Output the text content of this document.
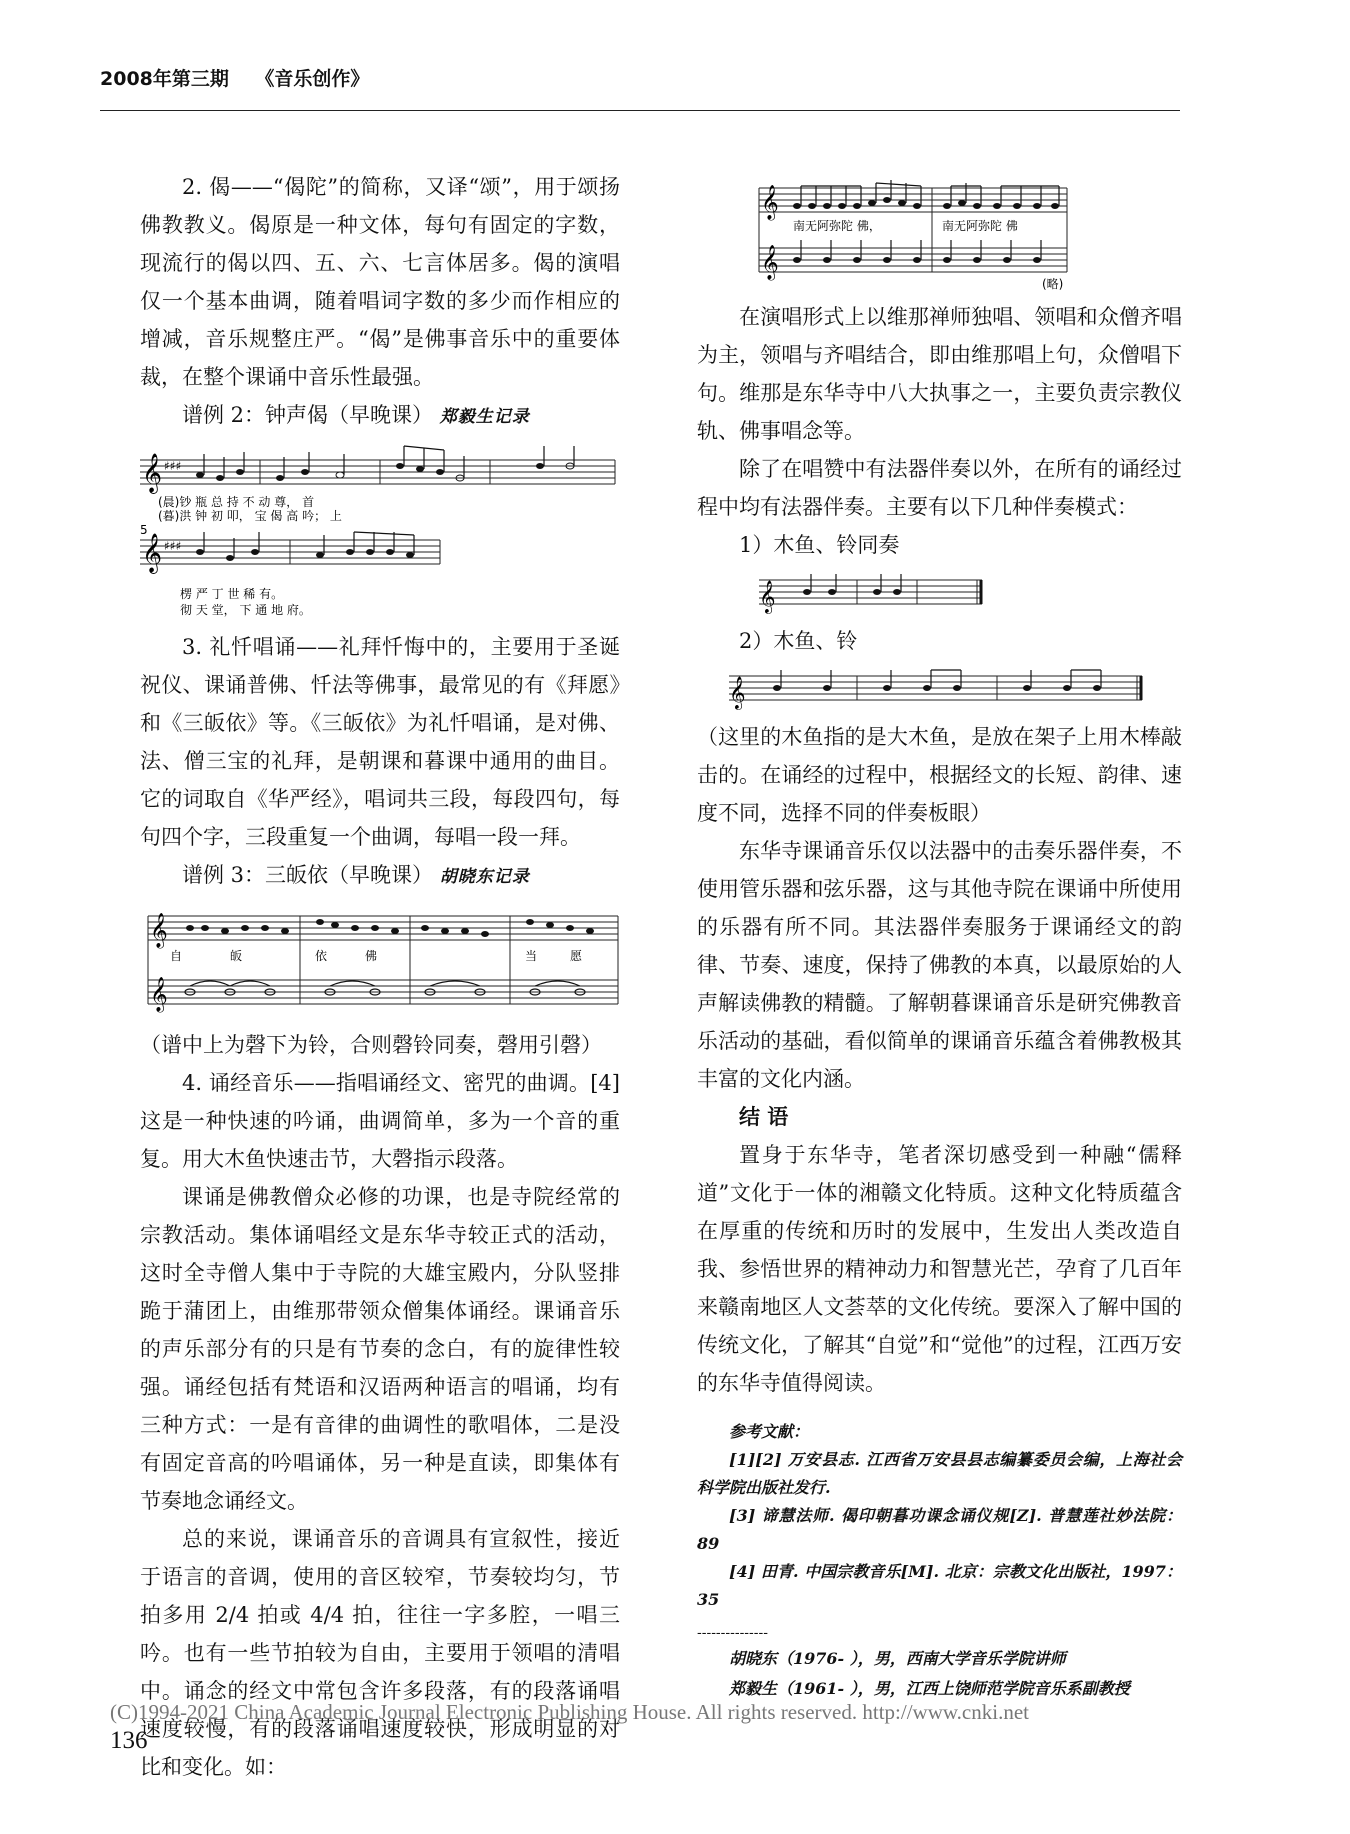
2008年第三期 《音乐创作》

2. 偈——“偈陀”的简称，又译“颂”，用于颂扬佛教教义。偈原是一种文体，每句有固定的字数，现流行的偈以四、五、六、七言体居多。偈的演唱仅一个基本曲调，随着唱词字数的多少而作相应的增减，音乐规整庄严。“偈”是佛事音乐中的重要体裁，在整个课诵中音乐性最强。

谱例 2：钟声偈（早晚课） 郑毅生记录

𝄞
𝄞
♯♯♯
♯♯♯
(晨)钞 瓶 总 持 不 动 尊， 首
(暮)洪 钟 初 叩， 宝 偈 高 吟； 上
5
楞 严 丁 世 稀 有。
彻 天 堂， 下 通 地 府。

3. 礼忏唱诵——礼拜忏悔中的，主要用于圣诞祝仪、课诵普佛、忏法等佛事，最常见的有《拜愿》和《三皈依》等。《三皈依》为礼忏唱诵，是对佛、法、僧三宝的礼拜，是朝课和暮课中通用的曲目。它的词取自《华严经》，唱词共三段，每段四句，每句四个字，三段重复一个曲调，每唱一段一拜。

谱例 3：三皈依（早晚课） 胡晓东记录

𝄞
𝄞
自	皈	依	佛	当	愿

（谱中上为磬下为铃，合则磬铃同奏，磬用引磬）

4. 诵经音乐——指唱诵经文、密咒的曲调。[4] 这是一种快速的吟诵，曲调简单，多为一个音的重复。用大木鱼快速击节，大磬指示段落。

课诵是佛教僧众必修的功课，也是寺院经常的宗教活动。集体诵唱经文是东华寺较正式的活动，这时全寺僧人集中于寺院的大雄宝殿内，分队竖排跪于蒲团上，由维那带领众僧集体诵经。课诵音乐的声乐部分有的只是有节奏的念白，有的旋律性较强。诵经包括有梵语和汉语两种语言的唱诵，均有三种方式：一是有音律的曲调性的歌唱体，二是没有固定音高的吟唱诵体，另一种是直读，即集体有节奏地念诵经文。

总的来说，课诵音乐的音调具有宣叙性，接近于语言的音调，使用的音区较窄，节奏较均匀，节拍多用 2/4 拍或 4/4 拍，往往一字多腔，一唱三吟。也有一些节拍较为自由，主要用于领唱的清唱中。诵念的经文中常包含许多段落，有的段落诵唱速度较慢，有的段落诵唱速度较快，形成明显的对比和变化。如：

𝄞
𝄞
南无阿弥陀 佛，	南无阿弥陀 佛
(略)

在演唱形式上以维那禅师独唱、领唱和众僧齐唱为主，领唱与齐唱结合，即由维那唱上句，众僧唱下句。维那是东华寺中八大执事之一，主要负责宗教仪轨、佛事唱念等。

除了在唱赞中有法器伴奏以外，在所有的诵经过程中均有法器伴奏。主要有以下几种伴奏模式：

1）木鱼、铃同奏

𝄞

2）木鱼、铃

𝄞

（这里的木鱼指的是大木鱼，是放在架子上用木棒敲击的。在诵经的过程中，根据经文的长短、韵律、速度不同，选择不同的伴奏板眼）

东华寺课诵音乐仅以法器中的击奏乐器伴奏，不使用管乐器和弦乐器，这与其他寺院在课诵中所使用的乐器有所不同。其法器伴奏服务于课诵经文的韵律、节奏、速度，保持了佛教的本真，以最原始的人声解读佛教的精髓。了解朝暮课诵音乐是研究佛教音乐活动的基础，看似简单的课诵音乐蕴含着佛教极其丰富的文化内涵。

结 语

置身于东华寺，笔者深切感受到一种融“儒释道”文化于一体的湘赣文化特质。这种文化特质蕴含在厚重的传统和历时的发展中，生发出人类改造自我、参悟世界的精神动力和智慧光芒，孕育了几百年来赣南地区人文荟萃的文化传统。要深入了解中国的传统文化，了解其“自觉”和“觉他”的过程，江西万安的东华寺值得阅读。

参考文献：

[1][2] 万安县志. 江西省万安县县志编纂委员会编，上海社会科学院出版社发行.

[3] 谛慧法师. 偈印朝暮功课念诵仪规[Z]. 普慧莲社妙法院：89

[4] 田青. 中国宗教音乐[M]. 北京：宗教文化出版社，1997：35

---------------

胡晓东（1976- ），男，西南大学音乐学院讲师

郑毅生（1961- ），男，江西上饶师范学院音乐系副教授

(C)1994-2021 China Academic Journal Electronic Publishing House. All rights reserved. http://www.cnki.net
136
